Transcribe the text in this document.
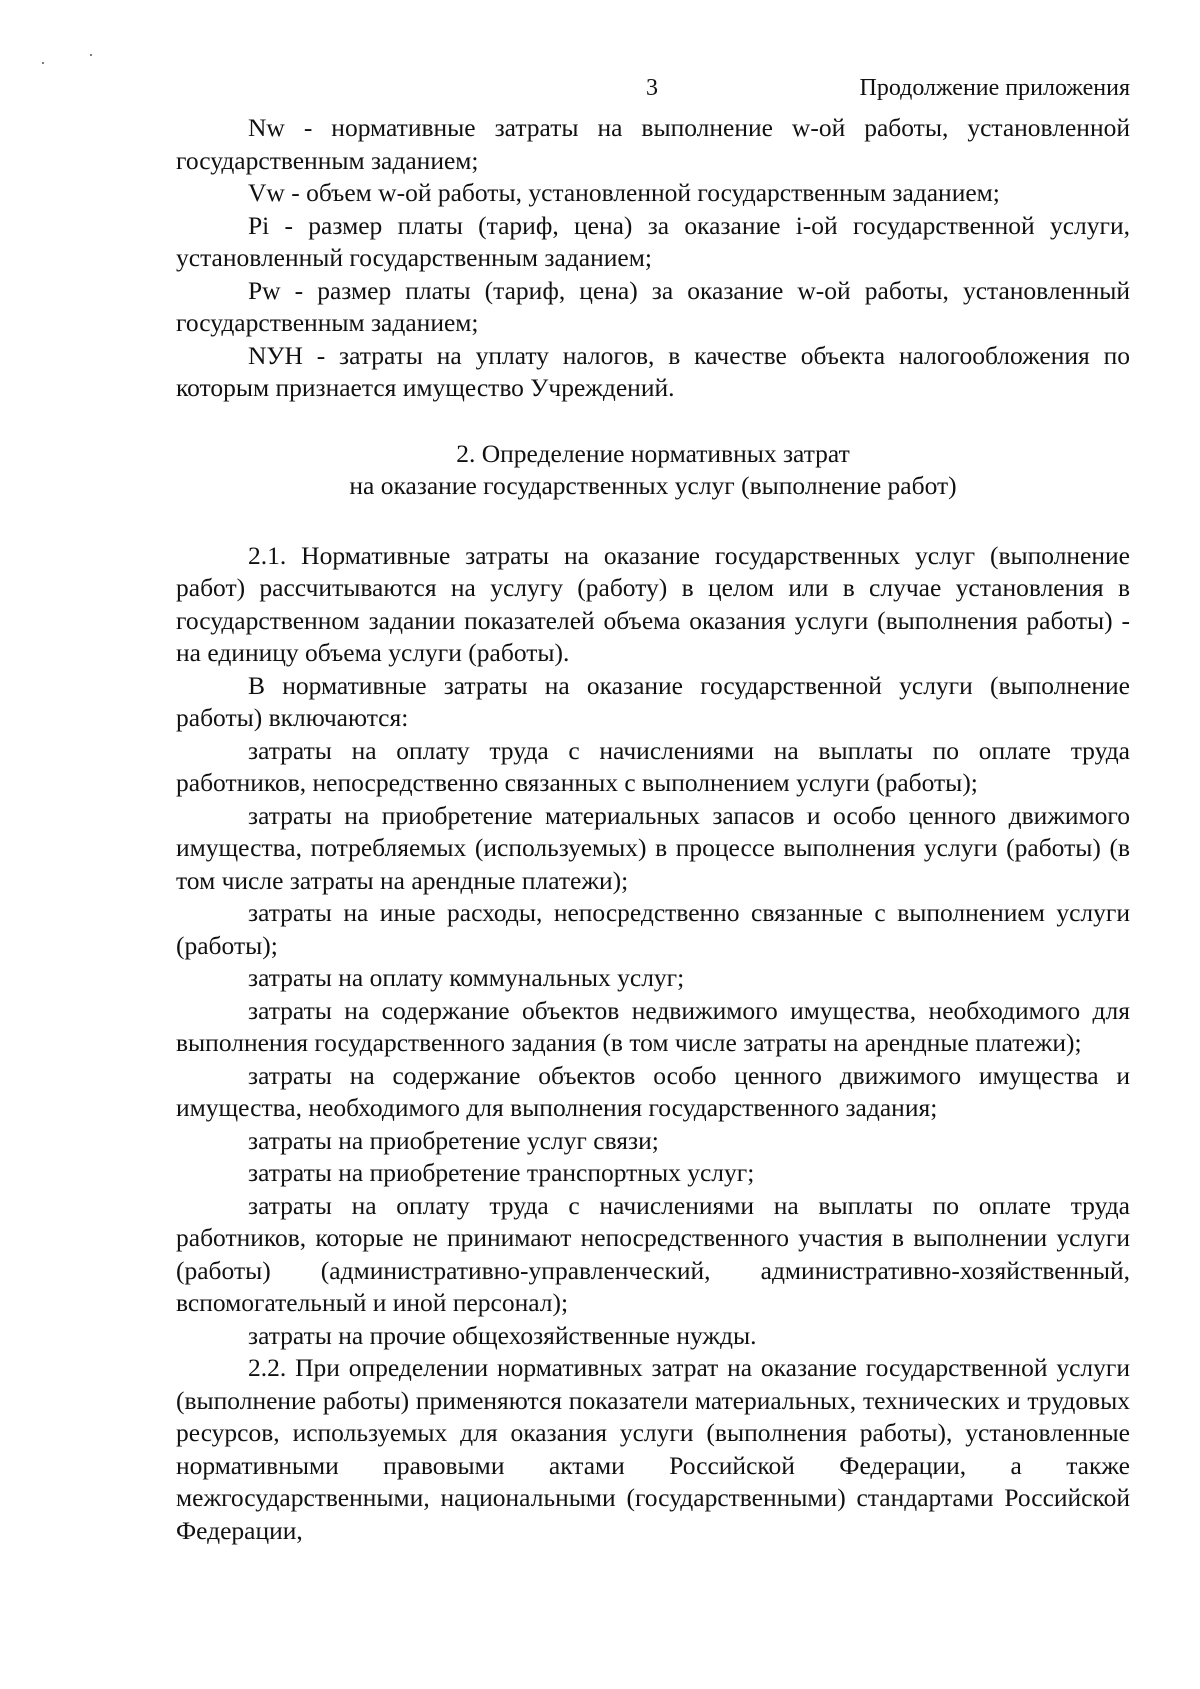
3	Продолжение приложения

Nw - нормативные затраты на выполнение w-ой работы, установленной государственным заданием;

Vw - объем w-ой работы, установленной государственным заданием;

Pi - размер платы (тариф, цена) за оказание i-ой государственной услуги, установленный государственным заданием;

Pw - размер платы (тариф, цена) за оказание w-ой работы, установленный государственным заданием;

NУН - затраты на уплату налогов, в качестве объекта налогообложения по которым признается имущество Учреждений.

2. Определение нормативных затрат

на оказание государственных услуг (выполнение работ)

2.1. Нормативные затраты на оказание государственных услуг (выполнение работ) рассчитываются на услугу (работу) в целом или в случае установления в государственном задании показателей объема оказания услуги (выполнения работы) - на единицу объема услуги (работы).

В нормативные затраты на оказание государственной услуги (выполнение работы) включаются:

затраты на оплату труда с начислениями на выплаты по оплате труда работников, непосредственно связанных с выполнением услуги (работы);

затраты на приобретение материальных запасов и особо ценного движимого имущества, потребляемых (используемых) в процессе выполнения услуги (работы) (в том числе затраты на арендные платежи);

затраты на иные расходы, непосредственно связанные с выполнением услуги (работы);

затраты на оплату коммунальных услуг;

затраты на содержание объектов недвижимого имущества, необходимого для выполнения государственного задания (в том числе затраты на арендные платежи);

затраты на содержание объектов особо ценного движимого имущества и имущества, необходимого для выполнения государственного задания;

затраты на приобретение услуг связи;

затраты на приобретение транспортных услуг;

затраты на оплату труда с начислениями на выплаты по оплате труда работников, которые не принимают непосредственного участия в выполнении услуги (работы) (административно-управленческий, административно-хозяйственный, вспомогательный и иной персонал);

затраты на прочие общехозяйственные нужды.

2.2. При определении нормативных затрат на оказание государственной услуги (выполнение работы) применяются показатели материальных, технических и трудовых ресурсов, используемых для оказания услуги (выполнения работы), установленные нормативными правовыми актами Российской Федерации, а также межгосударственными, национальными (государственными) стандартами Российской Федерации,
